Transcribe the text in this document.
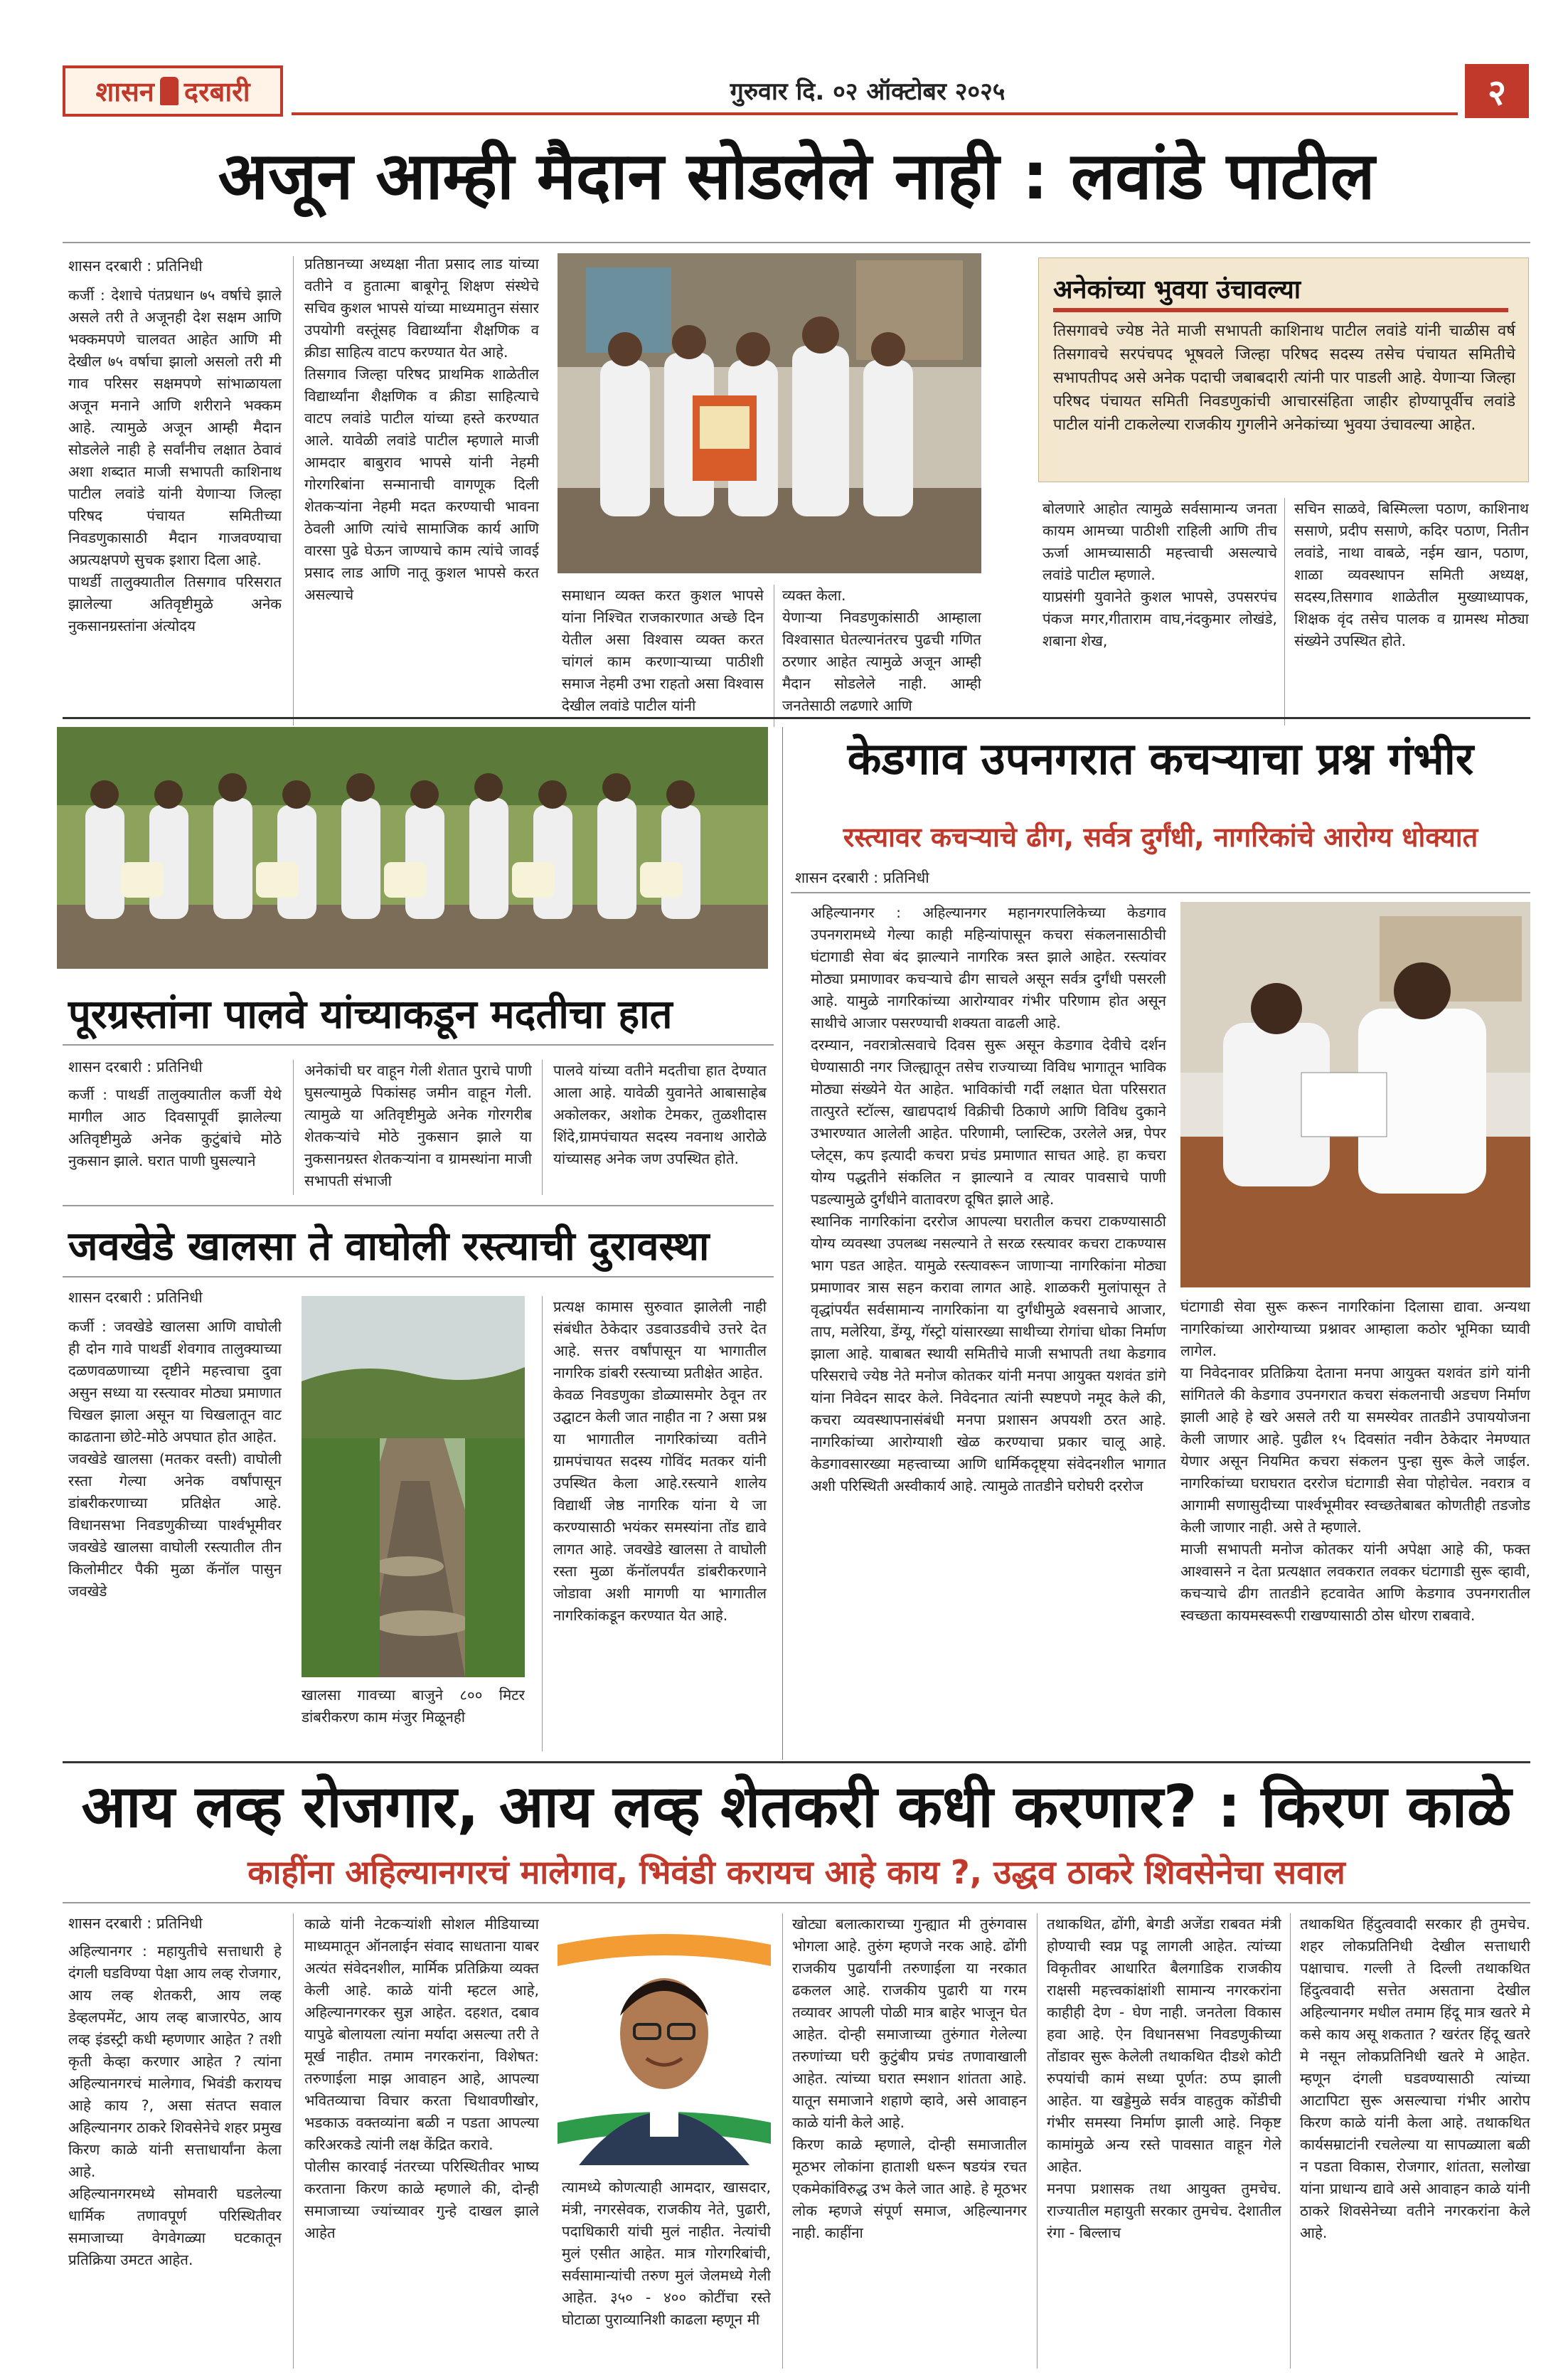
शासन दरबारी	गुरुवार दि. ०२ ऑक्टोबर २०२५	२
अजून आम्ही मैदान सोडलेले नाही : लवांडे पाटील
शासन दरबारी : प्रतिनिधी
कर्जी : देशाचे पंतप्रधान ७५ वर्षाचे झाले असले तरी ते अजूनही देश सक्षम आणि भक्कमपणे चालवत आहेत आणि मी देखील ७५ वर्षाचा झालो असलो तरी मी गाव परिसर सक्षमपणे सांभाळायला अजून मनाने आणि शरीराने भक्कम आहे. त्यामुळे अजून आम्ही मैदान सोडलेले नाही हे सर्वांनीच लक्षात ठेवावं अशा शब्दात माजी सभापती काशिनाथ पाटील लवांडे यांनी येणाऱ्या जिल्हा परिषद पंचायत समितीच्या निवडणुकासाठी मैदान गाजवण्याचा अप्रत्यक्षपणे सुचक इशारा दिला आहे.
पाथर्डी तालुक्यातील तिसगाव परिसरात झालेल्या अतिवृष्टीमुळे अनेक नुकसानग्रस्तांना अंत्योदय
प्रतिष्ठानच्या अध्यक्षा नीता प्रसाद लाड यांच्या वतीने व हुतात्मा बाबूगेनू शिक्षण संस्थेचे सचिव कुशल भापसे यांच्या माध्यमातुन संसार उपयोगी वस्तूंसह विद्यार्थ्यांना शैक्षणिक व क्रीडा साहित्य वाटप करण्यात येत आहे.
तिसगाव जिल्हा परिषद प्राथमिक शाळेतील विद्यार्थ्यांना शैक्षणिक व क्रीडा साहित्याचे वाटप लवांडे पाटील यांच्या हस्ते करण्यात आले. यावेळी लवांडे पाटील म्हणाले माजी आमदार बाबुराव भापसे यांनी नेहमी गोरगरिबांना सन्मानाची वागणूक दिली शेतकऱ्यांना नेहमी मदत करण्याची भावना ठेवली आणि त्यांचे सामाजिक कार्य आणि वारसा पुढे घेऊन जाण्याचे काम त्यांचे जावई प्रसाद लाड आणि नातू कुशल भापसे करत असल्याचे	समाधान व्यक्त करत कुशल भापसे यांना निश्चित राजकारणात अच्छे दिन येतील असा विश्वास व्यक्त करत चांगलं काम करणाऱ्याच्या पाठीशी समाज नेहमी उभा राहतो असा विश्वास देखील लवांडे पाटील यांनी
व्यक्त केला.
येणाऱ्या निवडणुकांसाठी आम्हाला विश्वासात घेतल्यानंतरच पुढची गणित ठरणार आहेत त्यामुळे अजून आम्ही मैदान सोडलेले नाही. आम्ही जनतेसाठी लढणारे आणि
अनेकांच्या भुवया उंचावल्या
तिसगावचे ज्येष्ठ नेते माजी सभापती काशिनाथ पाटील लवांडे यांनी चाळीस वर्ष तिसगावचे सरपंचपद भूषवले जिल्हा परिषद सदस्य तसेच पंचायत समितीचे सभापतीपद असे अनेक पदाची जबाबदारी त्यांनी पार पाडली आहे. येणाऱ्या जिल्हा परिषद पंचायत समिती निवडणुकांची आचारसंहिता जाहीर होण्यापूर्वीच लवांडे पाटील यांनी टाकलेल्या राजकीय गुगलीने अनेकांच्या भुवया उंचावल्या आहेत.
बोलणारे आहोत त्यामुळे सर्वसामान्य जनता कायम आमच्या पाठीशी राहिली आणि तीच ऊर्जा आमच्यासाठी महत्त्वाची असल्याचे लवांडे पाटील म्हणाले.
याप्रसंगी युवानेते कुशल भापसे, उपसरपंच पंकज मगर,गीताराम वाघ,नंदकुमार लोखंडे, शबाना शेख,
सचिन साळवे, बिस्मिल्ला पठाण, काशिनाथ ससाणे, प्रदीप ससाणे, कदिर पठाण, नितीन लवांडे, नाथा वाबळे, नईम खान, पठाण, शाळा व्यवस्थापन समिती अध्यक्ष, सदस्य,तिसगाव शाळेतील मुख्याध्यापक, शिक्षक वृंद तसेच पालक व ग्रामस्थ मोठ्या संख्येने उपस्थित होते.
पूरग्रस्तांना पालवे यांच्याकडून मदतीचा हात
शासन दरबारी : प्रतिनिधी
कर्जी : पाथर्डी तालुक्यातील कर्जी येथे मागील आठ दिवसापूर्वी झालेल्या अतिवृष्टीमुळे अनेक कुटुंबांचे मोठे नुकसान झाले. घरात पाणी घुसल्याने
अनेकांची घर वाहून गेली शेतात पुराचे पाणी घुसल्यामुळे पिकांसह जमीन वाहून गेली. त्यामुळे या अतिवृष्टीमुळे अनेक गोरगरीब शेतकऱ्यांचे मोठे नुकसान झाले या नुकसानग्रस्त शेतकऱ्यांना व ग्रामस्थांना माजी सभापती संभाजी
पालवे यांच्या वतीने मदतीचा हात देण्यात आला आहे. यावेळी युवानेते आबासाहेब अकोलकर, अशोक टेमकर, तुळशीदास शिंदे,ग्रामपंचायत सदस्य नवनाथ आरोळे यांच्यासह अनेक जण उपस्थित होते.
जवखेडे खालसा ते वाघोली रस्त्याची दुरावस्था
शासन दरबारी : प्रतिनिधी
कर्जी : जवखेडे खालसा आणि वाघोली ही दोन गावे पाथर्डी शेवगाव तालुक्याच्या दळणवळणाच्या दृष्टीने महत्त्वाचा दुवा असुन सध्या या रस्त्यावर मोठ्या प्रमाणात चिखल झाला असून या चिखलातून वाट काढताना छोटे-मोठे अपघात होत आहेत.
जवखेडे खालसा (मतकर वस्ती) वाघोली रस्ता गेल्या अनेक वर्षांपासून डांबरीकरणाच्या प्रतिक्षेत आहे. विधानसभा निवडणुकीच्या पार्श्वभूमीवर जवखेडे खालसा वाघोली रस्त्यातील तीन किलोमीटर पैकी मुळा कॅनॉल पासुन जवखेडे
खालसा गावच्या बाजुने ८०० मिटर डांबरीकरण काम मंजुर मिळूनही
प्रत्यक्ष कामास सुरुवात झालेली नाही संबंधीत ठेकेदार उडवाउडवीचे उत्तरे देत आहे. सत्तर वर्षांपासून या भागातील नागरिक डांबरी रस्त्याच्या प्रतीक्षेत आहेत.
केवळ निवडणुका डोळ्यासमोर ठेवून तर उद्घाटन केली जात नाहीत ना ? असा प्रश्न या भागातील नागरिकांच्या वतीने ग्रामपंचायत सदस्य गोविंद मतकर यांनी उपस्थित केला आहे.रस्त्याने शालेय विद्यार्थी जेष्ठ नागरिक यांना ये जा करण्यासाठी भयंकर समस्यांना तोंड द्यावे लागत आहे. जवखेडे खालसा ते वाघोली रस्ता मुळा कॅनॉलपर्यंत डांबरीकरणाने जोडावा अशी मागणी या भागातील नागरिकांकडून करण्यात येत आहे.
केडगाव उपनगरात कचऱ्याचा प्रश्न गंभीर
रस्त्यावर कचऱ्याचे ढीग, सर्वत्र दुर्गंधी, नागरिकांचे आरोग्य धोक्यात
शासन दरबारी : प्रतिनिधी
अहिल्यानगर : अहिल्यानगर महानगरपालिकेच्या केडगाव उपनगरामध्ये गेल्या काही महिन्यांपासून कचरा संकलनासाठीची घंटागाडी सेवा बंद झाल्याने नागरिक त्रस्त झाले आहेत. रस्त्यांवर मोठ्या प्रमाणावर कचऱ्याचे ढीग साचले असून सर्वत्र दुर्गंधी पसरली आहे. यामुळे नागरिकांच्या आरोग्यावर गंभीर परिणाम होत असून साथीचे आजार पसरण्याची शक्यता वाढली आहे.
दरम्यान, नवरात्रोत्सवाचे दिवस सुरू असून केडगाव देवीचे दर्शन घेण्यासाठी नगर जिल्ह्यातून तसेच राज्याच्या विविध भागातून भाविक मोठ्या संख्येने येत आहेत. भाविकांची गर्दी लक्षात घेता परिसरात तात्पुरते स्टॉल्स, खाद्यपदार्थ विक्रीची ठिकाणे आणि विविध दुकाने उभारण्यात आलेली आहेत. परिणामी, प्लास्टिक, उरलेले अन्न, पेपर प्लेट्स, कप इत्यादी कचरा प्रचंड प्रमाणात साचत आहे. हा कचरा योग्य पद्धतीने संकलित न झाल्याने व त्यावर पावसाचे पाणी पडल्यामुळे दुर्गंधीने वातावरण दूषित झाले आहे.
स्थानिक नागरिकांना दररोज आपल्या घरातील कचरा टाकण्यासाठी योग्य व्यवस्था उपलब्ध नसल्याने ते सरळ रस्त्यावर कचरा टाकण्यास भाग पडत आहेत. यामुळे रस्त्यावरून जाणाऱ्या नागरिकांना मोठ्या प्रमाणावर त्रास सहन करावा लागत आहे. शाळकरी मुलांपासून ते वृद्धांपर्यंत सर्वसामान्य नागरिकांना या दुर्गंधीमुळे श्वसनाचे आजार, ताप, मलेरिया, डेंग्यू, गॅस्ट्रो यांसारख्या साथीच्या रोगांचा धोका निर्माण झाला आहे. याबाबत स्थायी समितीचे माजी सभापती तथा केडगाव परिसराचे ज्येष्ठ नेते मनोज कोतकर यांनी मनपा आयुक्त यशवंत डांगे यांना निवेदन सादर केले. निवेदनात त्यांनी स्पष्टपणे नमूद केले की, कचरा व्यवस्थापनासंबंधी मनपा प्रशासन अपयशी ठरत आहे. नागरिकांच्या आरोग्याशी खेळ करण्याचा प्रकार चालू आहे. केडगावसारख्या महत्त्वाच्या आणि धार्मिकदृष्ट्या संवेदनशील भागात अशी परिस्थिती अस्वीकार्य आहे. त्यामुळे तातडीने घरोघरी दररोज
घंटागाडी सेवा सुरू करून नागरिकांना दिलासा द्यावा. अन्यथा नागरिकांच्या आरोग्याच्या प्रश्नावर आम्हाला कठोर भूमिका घ्यावी लागेल.
या निवेदनावर प्रतिक्रिया देताना मनपा आयुक्त यशवंत डांगे यांनी सांगितले की केडगाव उपनगरात कचरा संकलनाची अडचण निर्माण झाली आहे हे खरे असले तरी या समस्येवर तातडीने उपाययोजना केली जाणार आहे. पुढील १५ दिवसांत नवीन ठेकेदार नेमण्यात येणार असून नियमित कचरा संकलन पुन्हा सुरू केले जाईल. नागरिकांच्या घराघरात दररोज घंटागाडी सेवा पोहोचेल. नवरात्र व आगामी सणासुदीच्या पार्श्वभूमीवर स्वच्छतेबाबत कोणतीही तडजोड केली जाणार नाही. असे ते म्हणाले.
माजी सभापती मनोज कोतकर यांनी अपेक्षा आहे की, फक्त आश्वासने न देता प्रत्यक्षात लवकरात लवकर घंटागाडी सुरू व्हावी, कचऱ्याचे ढीग तातडीने हटवावेत आणि केडगाव उपनगरातील स्वच्छता कायमस्वरूपी राखण्यासाठी ठोस धोरण राबवावे.
आय लव्ह रोजगार, आय लव्ह शेतकरी कधी करणार? : किरण काळे
काहींना अहिल्यानगरचं मालेगाव, भिवंडी करायच आहे काय ?, उद्धव ठाकरे शिवसेनेचा सवाल
शासन दरबारी : प्रतिनिधी
अहिल्यानगर : महायुतीचे सत्ताधारी हे दंगली घडविण्या पेक्षा आय लव्ह रोजगार, आय लव्ह शेतकरी, आय लव्ह डेव्हलपमेंट, आय लव्ह बाजारपेठ, आय लव्ह इंडस्ट्री कधी म्हणणार आहेत ? तशी कृती केव्हा करणार आहेत ? त्यांना अहिल्यानगरचं मालेगाव, भिवंडी करायच आहे काय ?, असा संतप्त सवाल अहिल्यानगर ठाकरे शिवसेनेचे शहर प्रमुख किरण काळे यांनी सत्ताधार्यांना केला आहे.
अहिल्यानगरमध्ये सोमवारी घडलेल्या धार्मिक तणावपूर्ण परिस्थितीवर समाजाच्या वेगवेगळ्या घटकातून प्रतिक्रिया उमटत आहेत.
काळे यांनी नेटकऱ्यांशी सोशल मीडियाच्या माध्यमातून ऑनलाईन संवाद साधताना याबर अत्यंत संवेदनशील, मार्मिक प्रतिक्रिया व्यक्त केली आहे. काळे यांनी म्हटल आहे, अहिल्यानगरकर सुज्ञ आहेत. दहशत, दबाव यापुढे बोलायला त्यांना मर्यादा असल्या तरी ते मूर्ख नाहीत. तमाम नगरकरांना, विशेषत: तरुणाईला माझ आवाहन आहे, आपल्या भवितव्याचा विचार करता चिथावणीखोर, भडकाऊ वक्तव्यांना बळी न पडता आपल्या करिअरकडे त्यांनी लक्ष केंद्रित करावे.
पोलीस कारवाई नंतरच्या परिस्थितीवर भाष्य करताना किरण काळे म्हणाले की, दोन्ही समाजाच्या ज्यांच्यावर गुन्हे दाखल झाले आहेत
त्यामध्ये कोणत्याही आमदार, खासदार, मंत्री, नगरसेवक, राजकीय नेते, पुढारी, पदाधिकारी यांची मुलं नाहीत. नेत्यांची मुलं एसीत आहेत. मात्र गोरगरिबांची, सर्वसामान्यांची तरुण मुलं जेलमध्ये गेली आहेत. ३५० - ४०० कोटींचा रस्ते घोटाळा पुराव्यानिशी काढला म्हणून मी
खोट्या बलात्काराच्या गुन्ह्यात मी तुरुंगवास भोगला आहे. तुरुंग म्हणजे नरक आहे. ढोंगी राजकीय पुढार्यांनी तरुणाईला या नरकात ढकलल आहे. राजकीय पुढारी या गरम तव्यावर आपली पोळी मात्र बाहेर भाजून घेत आहेत. दोन्ही समाजाच्या तुरुंगात गेलेल्या तरुणांच्या घरी कुटुंबीय प्रचंड तणावाखाली आहेत. त्यांच्या घरात स्मशान शांतता आहे. यातून समाजाने शहाणे व्हावे, असे आवाहन काळे यांनी केले आहे.
किरण काळे म्हणाले, दोन्ही समाजातील मूठभर लोकांना हाताशी धरून षडयंत्र रचत एकमेकांविरुद्ध उभ केले जात आहे. हे मूठभर लोक म्हणजे संपूर्ण समाज, अहिल्यानगर नाही. काहींना
तथाकथित, ढोंगी, बेगडी अजेंडा राबवत मंत्री होण्याची स्वप्न पडू लागली आहेत. त्यांच्या विकृतीवर आधारित बैलगाडिक राजकीय राक्षसी महत्त्वकांक्षांशी सामान्य नगरकरांना काहीही देण - घेण नाही. जनतेला विकास हवा आहे. ऐन विधानसभा निवडणुकीच्या तोंडावर सुरू केलेली तथाकथित दीडशे कोटी रुपयांची कामं सध्या पूर्णत: ठप्प झाली आहेत. या खड्डेमुळे सर्वत्र वाहतुक कोंडीची गंभीर समस्या निर्माण झाली आहे. निकृष्ट कामांमुळे अन्य रस्ते पावसात वाहून गेले आहेत.
मनपा प्रशासक तथा आयुक्त तुमचेच. राज्यातील महायुती सरकार तुमचेच. देशातील रंगा - बिल्लाच
तथाकथित हिंदुत्ववादी सरकार ही तुमचेच. शहर लोकप्रतिनिधी देखील सत्ताधारी पक्षाचाच. गल्ली ते दिल्ली तथाकथित हिंदुत्ववादी सत्तेत असताना देखील अहिल्यानगर मधील तमाम हिंदू मात्र खतरे मे कसे काय असू शकतात ? खरंतर हिंदू खतरे मे नसून लोकप्रतिनिधी खतरे मे आहेत. म्हणून दंगली घडवण्यासाठी त्यांच्या आटापिटा सुरू असल्याचा गंभीर आरोप किरण काळे यांनी केला आहे. तथाकथित कार्यसम्राटांनी रचलेल्या या सापळ्याला बळी न पडता विकास, रोजगार, शांतता, सलोखा यांना प्राधान्य द्यावे असे आवाहन काळे यांनी ठाकरे शिवसेनेच्या वतीने नगरकरांना केले आहे.
